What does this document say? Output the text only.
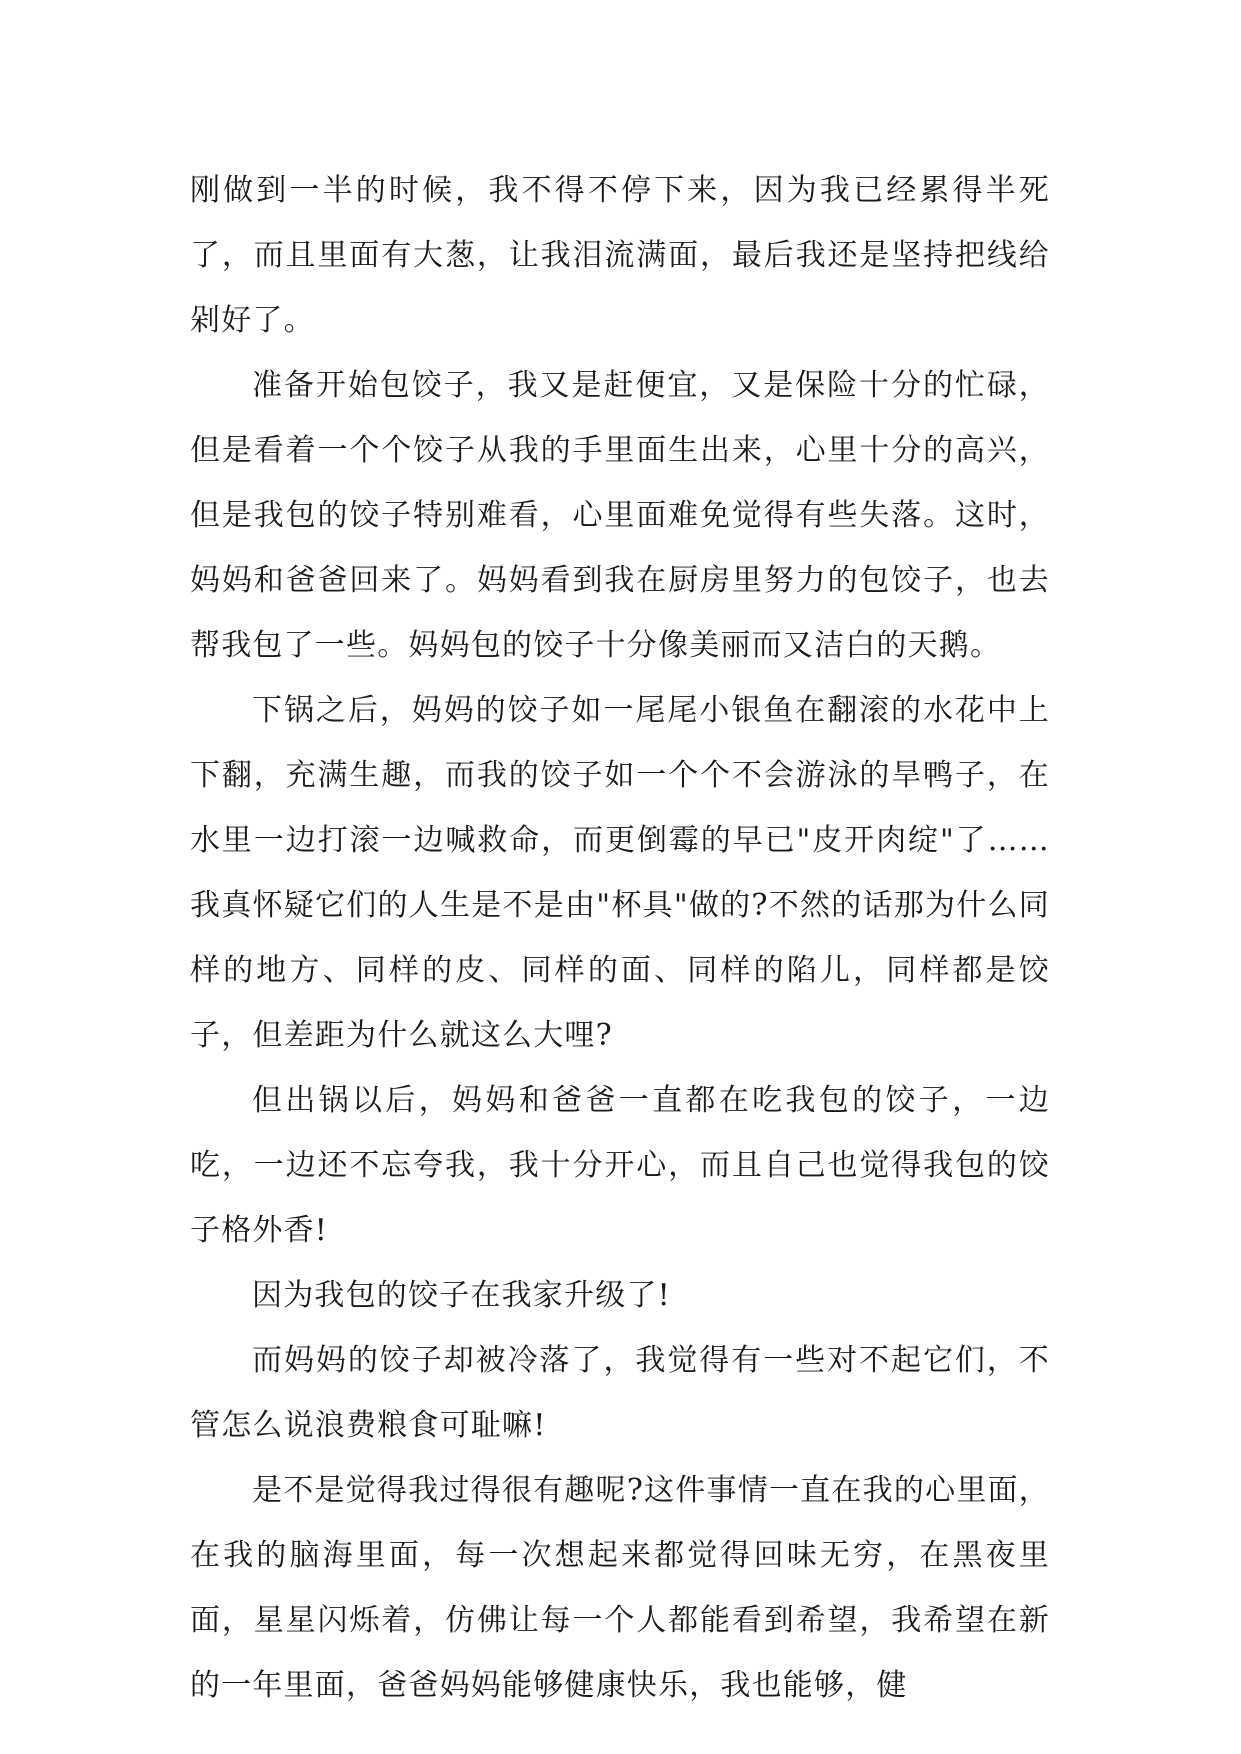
刚做到一半的时候，我不得不停下来，因为我已经累得半死了，而且里面有大葱，让我泪流满面，最后我还是坚持把线给剁好了。

准备开始包饺子，我又是赶便宜，又是保险十分的忙碌，但是看着一个个饺子从我的手里面生出来，心里十分的高兴，但是我包的饺子特别难看，心里面难免觉得有些失落。这时，妈妈和爸爸回来了。妈妈看到我在厨房里努力的包饺子，也去帮我包了一些。妈妈包的饺子十分像美丽而又洁白的天鹅。

下锅之后，妈妈的饺子如一尾尾小银鱼在翻滚的水花中上下翻，充满生趣，而我的饺子如一个个不会游泳的旱鸭子，在水里一边打滚一边喊救命，而更倒霉的早已"皮开肉绽"了……我真怀疑它们的人生是不是由"杯具"做的?不然的话那为什么同样的地方、同样的皮、同样的面、同样的陷儿，同样都是饺子，但差距为什么就这么大哩?

但出锅以后，妈妈和爸爸一直都在吃我包的饺子，一边吃，一边还不忘夸我，我十分开心，而且自己也觉得我包的饺子格外香!

因为我包的饺子在我家升级了!

而妈妈的饺子却被冷落了，我觉得有一些对不起它们，不管怎么说浪费粮食可耻嘛!

是不是觉得我过得很有趣呢?这件事情一直在我的心里面，在我的脑海里面，每一次想起来都觉得回味无穷，在黑夜里面，星星闪烁着，仿佛让每一个人都能看到希望，我希望在新的一年里面，爸爸妈妈能够健康快乐，我也能够，健
